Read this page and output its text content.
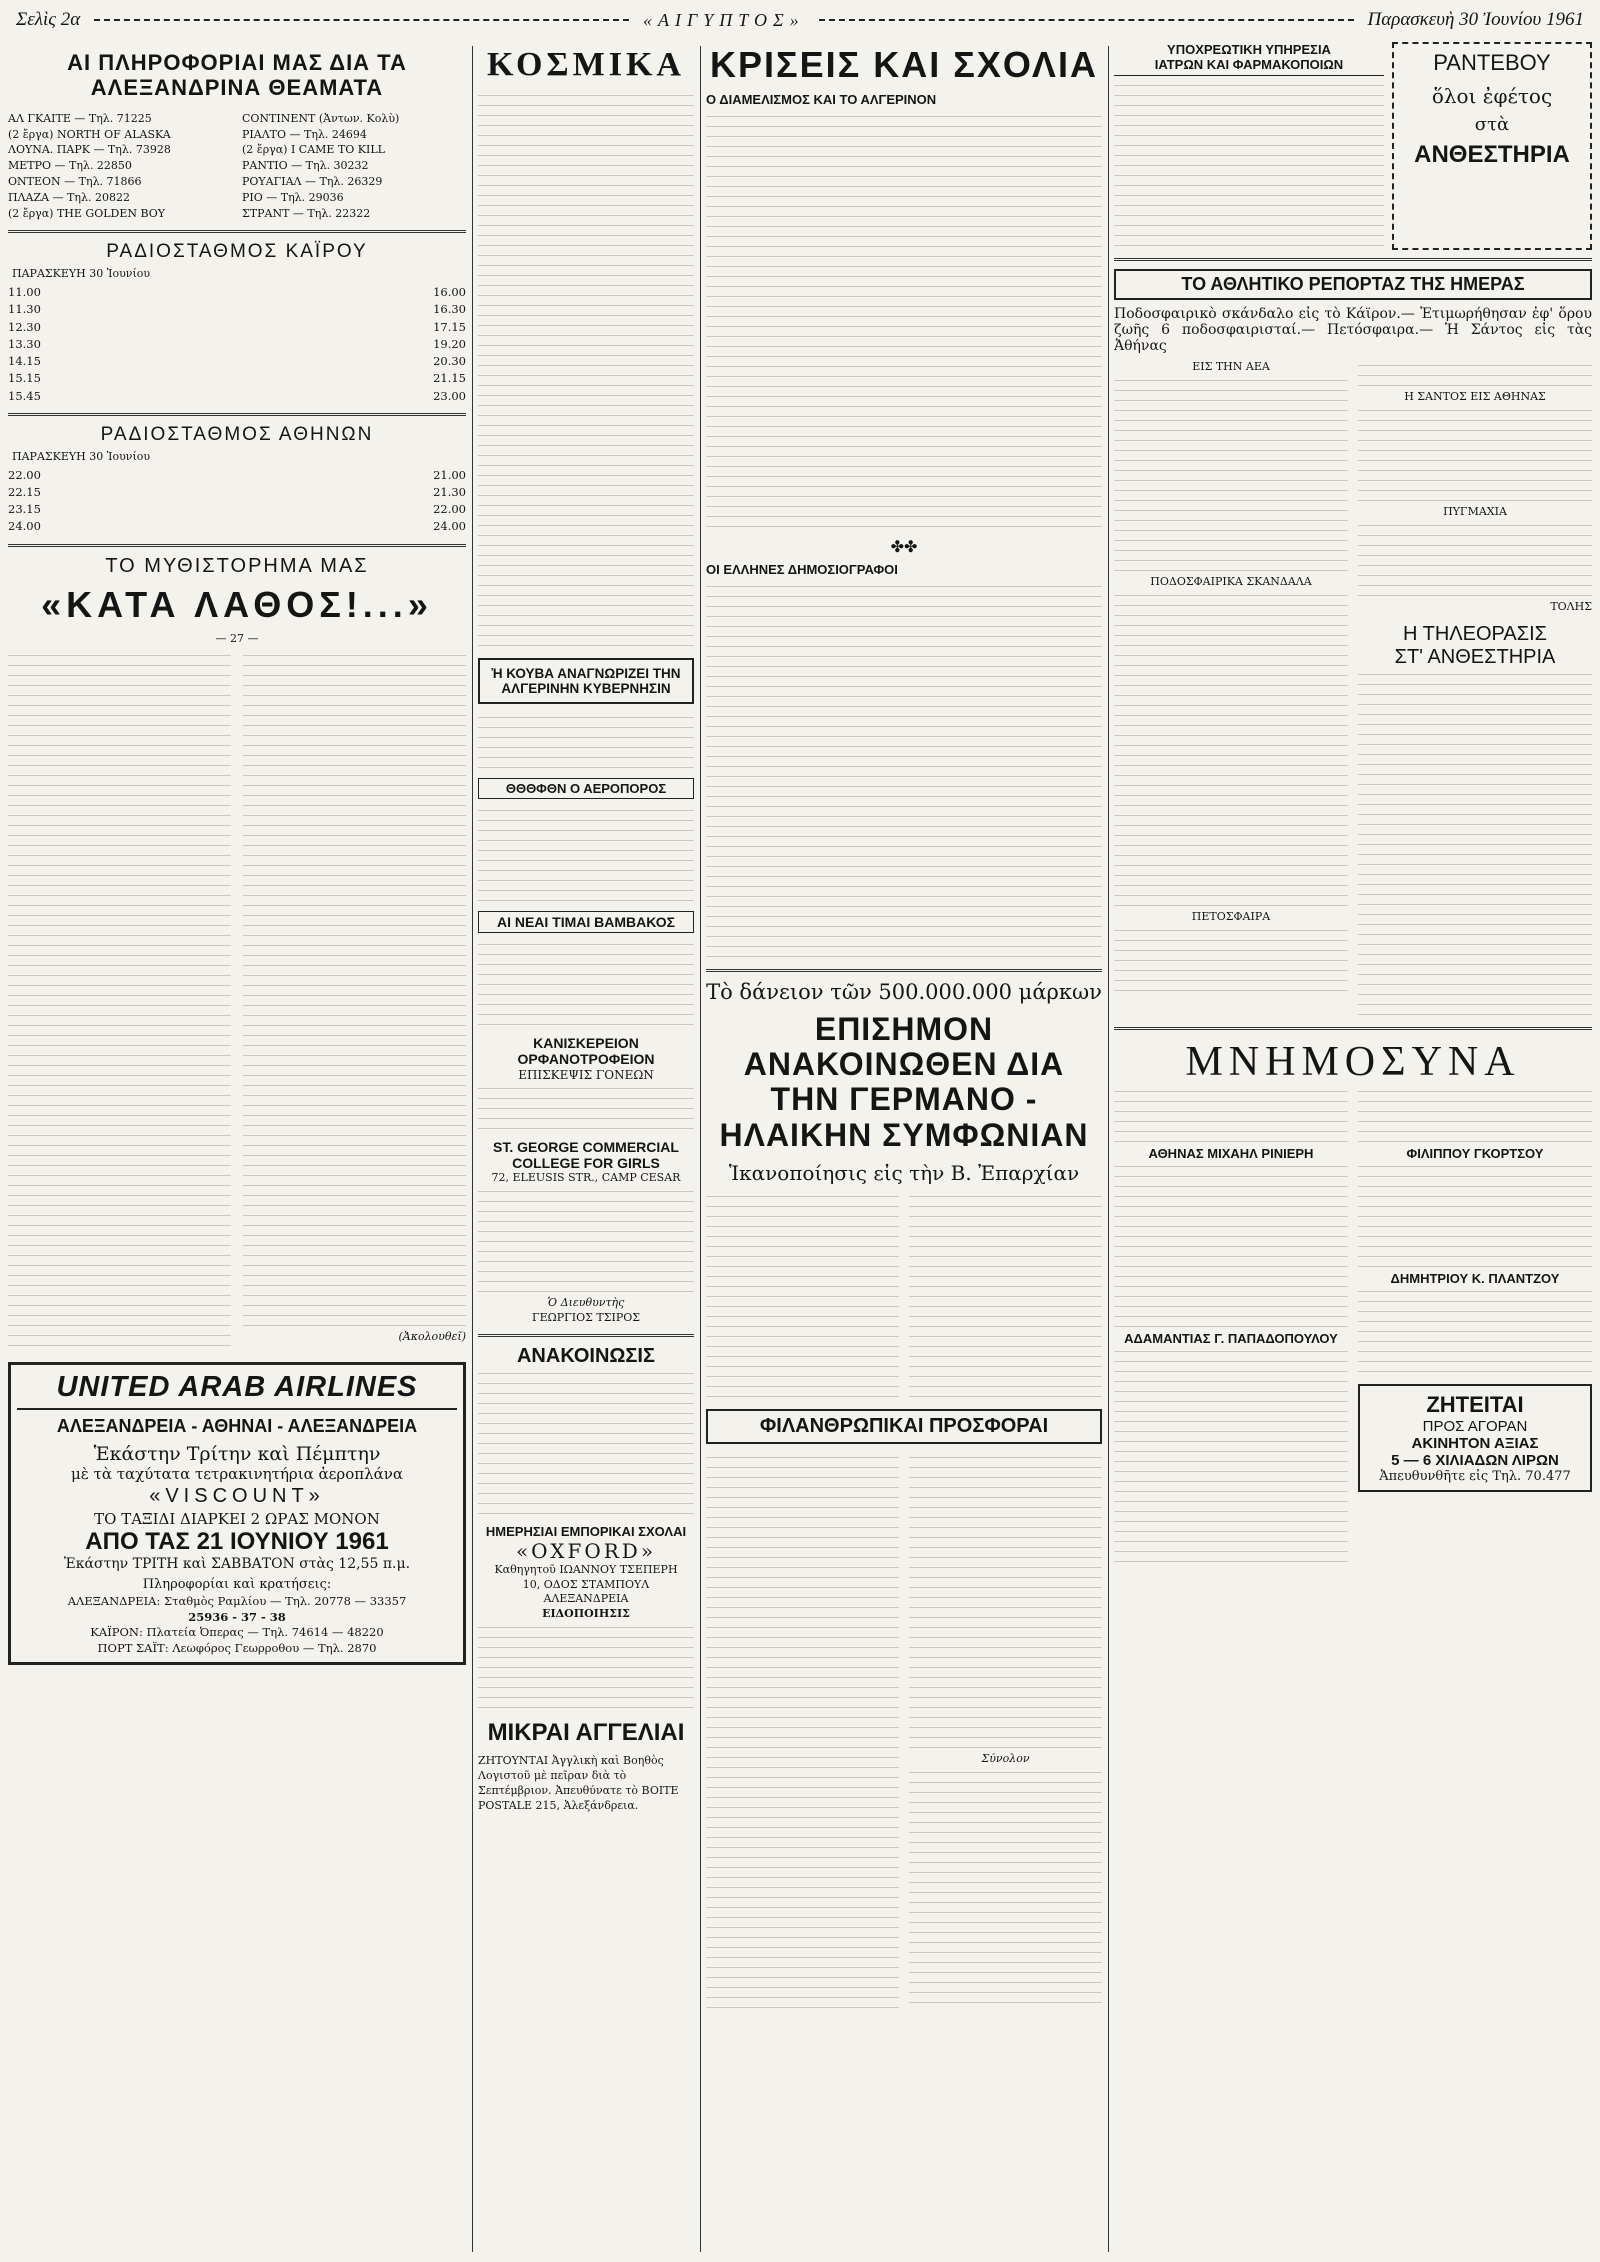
Σελὶς 2α	«ΑΙΓΥΠΤΟΣ»	Παρασκευὴ 30 Ἰουνίου 1961
ΑΙ ΠΛΗΡΟΦΟΡΙΑΙ ΜΑΣ ΔΙΑ ΤΑ ΑΛΕΞΑΝΔΡΙΝΑ ΘΕΑΜΑΤΑ
ΑΛ ΓΚΑΙΤΕ — Τηλ. 71225
(2 ἔργα) NORTH OF ALASKA
ΛΟΥΝΑ. ΠΑΡΚ — Τηλ. 73928
ΜΕΤΡΟ — Τηλ. 22850
ΟΝΤΕΟΝ — Τηλ. 71866
ΠΛΑΖΑ — Τηλ. 20822
(2 ἔργα) THE GOLDEN BOY
CONTINENT (Ἀντων. Κολὺ)
ΡΙΑΛΤΟ — Τηλ. 24694
(2 ἔργα) I CAME TO KILL
ΡΑΝΤΙΟ — Τηλ. 30232
ΡΟΥΑΓΙΑΛ — Τηλ. 26329
ΡΙΟ — Τηλ. 29036
ΣΤΡΑΝΤ — Τηλ. 22322
ΡΑΔΙΟΣΤΑΘΜΟΣ ΚΑΪΡΟΥ
ΠΑΡΑΣΚΕΥΗ 30 Ἰουνίου
11.00	16.00
11.30	16.30
12.30	17.15
13.30	19.20
14.15	20.30
15.15	21.15
15.45	23.00
ΡΑΔΙΟΣΤΑΘΜΟΣ ΑΘΗΝΩΝ
ΠΑΡΑΣΚΕΥΗ 30 Ἰουνίου
22.00	21.00
22.15	21.30
23.15	22.00
24.00	24.00
ΤΟ ΜΥΘΙΣΤΟΡΗΜΑ ΜΑΣ
«ΚΑΤΑ ΛΑΘΟΣ!...»
— 27 —
(Ἀκολουθεῖ)
UNITED ARAB AIRLINES
ΑΛΕΞΑΝΔΡΕΙΑ - ΑΘΗΝΑΙ - ΑΛΕΞΑΝΔΡΕΙΑ
Ἑκάστην Τρίτην καὶ Πέμπτην
μὲ τὰ ταχύτατα τετρακινητήρια ἀεροπλάνα
«VISCOUNT»
ΤΟ ΤΑΞΙΔΙ ΔΙΑΡΚΕΙ 2 ΩΡΑΣ ΜΟΝΟΝ
ΑΠΟ ΤΑΣ 21 ΙΟΥΝΙΟΥ 1961
Ἑκάστην ΤΡΙΤΗ καὶ ΣΑΒΒΑΤΟΝ στὰς 12,55 π.μ.
Πληροφορίαι καὶ κρατήσεις:
ΑΛΕΞΑΝΔΡΕΙΑ: Σταθμὸς Ραμλίου — Τηλ. 20778 — 33357
25936 - 37 - 38
ΚΑΪΡΟΝ: Πλατεία Ὀπερας — Τηλ. 74614 — 48220
ΠΟΡΤ ΣΑΪΤ: Λεωφόρος Γεωρροθου — Τηλ. 2870
ΚΟΣΜΙΚΑ
Ἡ ΚΟΥΒΑ ΑΝΑΓΝΩΡΙΖΕΙ ΤΗΝ ΑΛΓΕΡΙΝΗΝ ΚΥΒΕΡΝΗΣΙΝ
ΘΘΘΦΘΝ Ο ΑΕΡΟΠΟΡΟΣ
ΑΙ ΝΕΑΙ ΤΙΜΑΙ ΒΑΜΒΑΚΟΣ
ΚΑΝΙΣΚΕΡΕΙΟΝ
ΟΡΦΑΝΟΤΡΟΦΕΙΟΝ
ΕΠΙΣΚΕΨΙΣ ΓΟΝΕΩΝ
ST. GEORGE COMMERCIAL
COLLEGE FOR GIRLS
72, ELEUSIS STR., CAMP CESAR
Ὁ Διευθυντὴς
ΓΕΩΡΓΙΟΣ ΤΣΙΡΟΣ
ΑΝΑΚΟΙΝΩΣΙΣ
ΗΜΕΡΗΣΙΑΙ ΕΜΠΟΡΙΚΑΙ ΣΧΟΛΑΙ
«OXFORD»
Καθηγητοῦ ΙΩΑΝΝΟΥ ΤΣΕΠΕΡΗ
10, ΟΔΟΣ ΣΤΑΜΠΟΥΛ
ΑΛΕΞΑΝΔΡΕΙΑ
ΕΙΔΟΠΟΙΗΣΙΣ
ΜΙΚΡΑΙ ΑΓΓΕΛΙΑΙ
ΖΗΤΟΥΝΤΑΙ Ἀγγλικὴ καὶ Βοηθὸς Λογιστοῦ μὲ πεῖραν διὰ τὸ Σεπτέμβριον. Ἀπευθύνατε τὸ BOITE POSTALE 215, Ἀλεξάνδρεια.
ΚΡΙΣΕΙΣ ΚΑΙ ΣΧΟΛΙΑ
Ο ΔΙΑΜΕΛΙΣΜΟΣ ΚΑΙ ΤΟ ΑΛΓΕΡΙΝΟΝ
✤✤
ΟΙ ΕΛΛΗΝΕΣ ΔΗΜΟΣΙΟΓΡΑΦΟΙ
Τὸ δάνειον τῶν 500.000.000 μάρκων
ΕΠΙΣΗΜΟΝ ΑΝΑΚΟΙΝΩΘΕΝ ΔΙΑ ΤΗΝ ΓΕΡΜΑΝΟ - ΗΛΑΙΚΗΝ ΣΥΜΦΩΝΙΑΝ
Ἱκανοποίησις εἰς τὴν Β. Ἐπαρχίαν
ΦΙΛΑΝΘΡΩΠΙΚΑΙ ΠΡΟΣΦΟΡΑΙ
Σύνολον
ΥΠΟΧΡΕΩΤΙΚΗ ΥΠΗΡΕΣΙΑ
ΙΑΤΡΩΝ ΚΑΙ ΦΑΡΜΑΚΟΠΟΙΩΝ	ΡΑΝΤΕΒΟΥ
ὅλοι ἐφέτος
στὰ
ΑΝΘΕΣΤΗΡΙΑ
ΤΟ ΑΘΛΗΤΙΚΟ ΡΕΠΟΡΤΑΖ ΤΗΣ ΗΜΕΡΑΣ
Ποδοσφαιρικὸ σκάνδαλο εἰς τὸ Κάϊρον.— Ἐτιμωρήθησαν ἐφ' ὅρου ζωῆς 6 ποδοσφαιρισταί.— Πετόσφαιρα.— Ἡ Σάντος εἰς τὰς Ἀθήνας
ΕΙΣ ΤΗΝ ΑΕΑ
ΠΟΔΟΣΦΑΙΡΙΚΑ ΣΚΑΝΔΑΛΑ
ΠΕΤΟΣΦΑΙΡΑ
Η ΣΑΝΤΟΣ ΕΙΣ ΑΘΗΝΑΣ
ΠΥΓΜΑΧΙΑ
ΤΟΛΗΣ
Η ΤΗΛΕΟΡΑΣΙΣ
ΣΤ' ΑΝΘΕΣΤΗΡΙΑ
ΜΝΗΜΟΣΥΝΑ
ΑΘΗΝΑΣ ΜΙΧΑΗΛ ΡΙΝΙΕΡΗ
ΑΔΑΜΑΝΤΙΑΣ Γ. ΠΑΠΑΔΟΠΟΥΛΟΥ
ΦΙΛΙΠΠΟΥ ΓΚΟΡΤΣΟΥ
ΔΗΜΗΤΡΙΟΥ Κ. ΠΛΑΝΤΖΟΥ
ΖΗΤΕΙΤΑΙ
ΠΡΟΣ ΑΓΟΡΑΝ
ΑΚΙΝΗΤΟΝ ΑΞΙΑΣ
5 — 6 ΧΙΛΙΑΔΩΝ ΛΙΡΩΝ
Ἀπευθυνθῆτε εἰς Τηλ. 70.477
